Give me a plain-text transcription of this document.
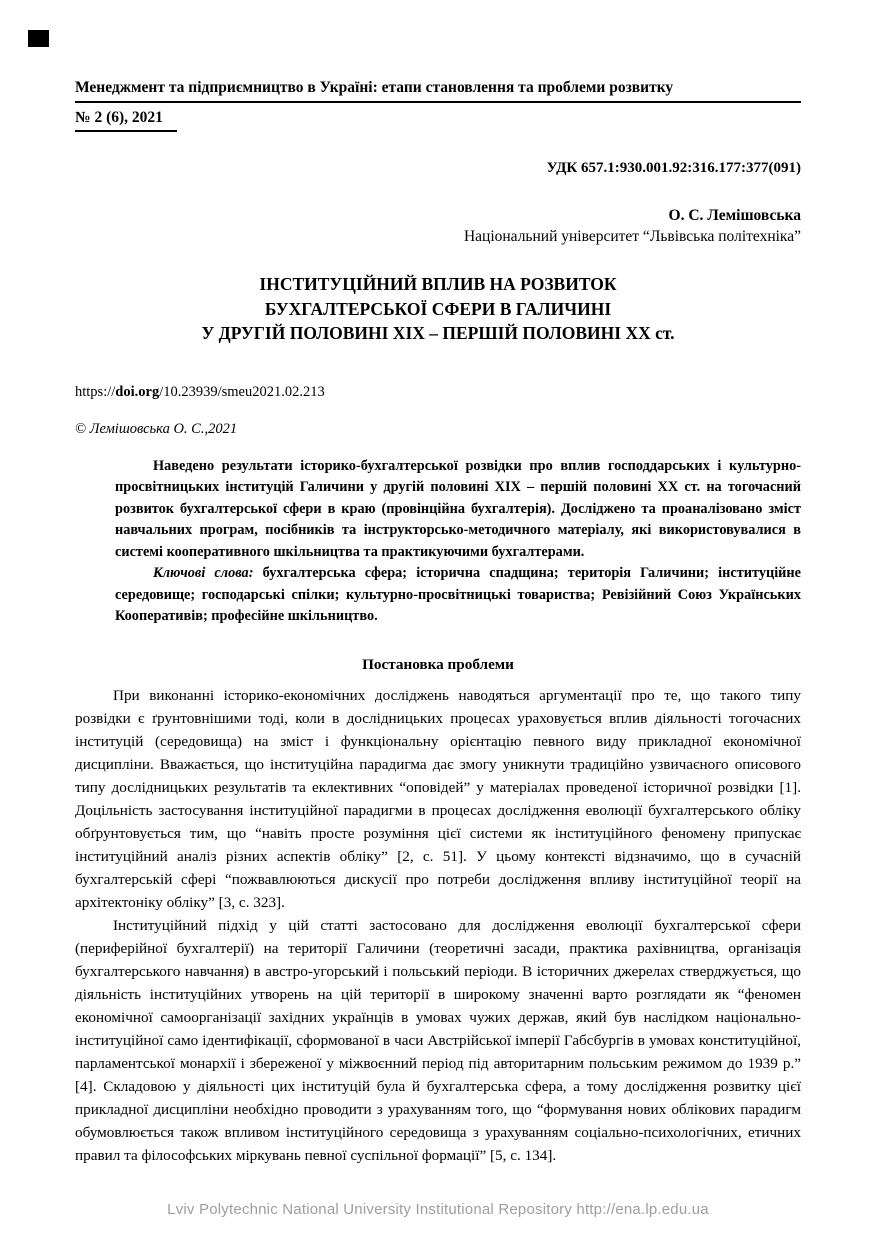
Менеджмент та підприємництво в Україні: етапи становлення та проблеми розвитку
№ 2 (6), 2021
УДК 657.1:930.001.92:316.177:377(091)
О. С. Лемішовська
Національний університет “Львівська політехніка”
ІНСТИТУЦІЙНИЙ ВПЛИВ НА РОЗВИТОК
БУХГАЛТЕРСЬКОЇ СФЕРИ В ГАЛИЧИНІ
У ДРУГІЙ ПОЛОВИНІ XIX – ПЕРШІЙ ПОЛОВИНІ XX ст.
https://doi.org/10.23939/smeu2021.02.213
© Лемішовська О. С.,2021

Наведено результати історико-бухгалтерської розвідки про вплив господдарських і культурно-просвітницьких інституцій Галичини у другій половині XIX – першій половині XX ст. на тогочасний розвиток бухгалтерської сфери в краю (провінційна бухгалтерія). Досліджено та проаналізовано зміст навчальних програм, посібників та інструкторсько-методичного матеріалу, які використовувалися в системі кооперативного шкільництва та практикуючими бухгалтерами.

Ключові слова: бухгалтерська сфера; історична спадщина; територія Галичини; інституційне середовище; господарські спілки; культурно-просвітницькі товариства; Ревізійний Союз Українських Кооперативів; професійне шкільництво.

Постановка проблеми

При виконанні історико-економічних досліджень наводяться аргументації про те, що такого типу розвідки є ґрунтовнішими тоді, коли в дослідницьких процесах ураховується вплив діяльності тогочасних інституцій (середовища) на зміст і функціональну орієнтацію певного виду прикладної економічної дисципліни. Вважається, що інституційна парадигма дає змогу уникнути традиційно узвичаєного описового типу дослідницьких результатів та еклективних “оповідей” у матеріалах проведеної історичної розвідки [1]. Доцільність застосування інституційної парадигми в процесах дослідження еволюції бухгалтерського обліку обґрунтовується тим, що “навіть просте розуміння цієї системи як інституційного феномену припускає інституційний аналіз різних аспектів обліку” [2, с. 51]. У цьому контексті відзначимо, що в сучасній бухгалтерській сфері “пожвавлюються дискусії про потреби дослідження впливу інституційної теорії на архітектоніку обліку” [3, с. 323].

Інституційний підхід у цій статті застосовано для дослідження еволюції бухгалтерської сфери (периферійної бухгалтерії) на території Галичини (теоретичні засади, практика рахівництва, організація бухгалтерського навчання) в австро-угорський і польський періоди. В історичних джерелах стверджується, що діяльність інституційних утворень на цій території в широкому значенні варто розглядати як “феномен економічної самоорганізації західних українців в умовах чужих держав, який був наслідком національно-інституційної само ідентифікації, сформованої в часи Австрійської імперії Габсбургів в умовах конституційної, парламентської монархії і збереженої у міжвоєнний період під авторитарним польським режимом до 1939 р.” [4]. Складовою у діяльності цих інституцій була й бухгалтерська сфера, а тому дослідження розвитку цієї прикладної дисципліни необхідно проводити з урахуванням того, що “формування нових облікових парадигм обумовлюється також впливом інституційного середовища з урахуванням соціально-психологічних, етичних правил та філософських міркувань певної суспільної формації” [5, с. 134].

Lviv Polytechnic National University Institutional Repository http://ena.lp.edu.ua
